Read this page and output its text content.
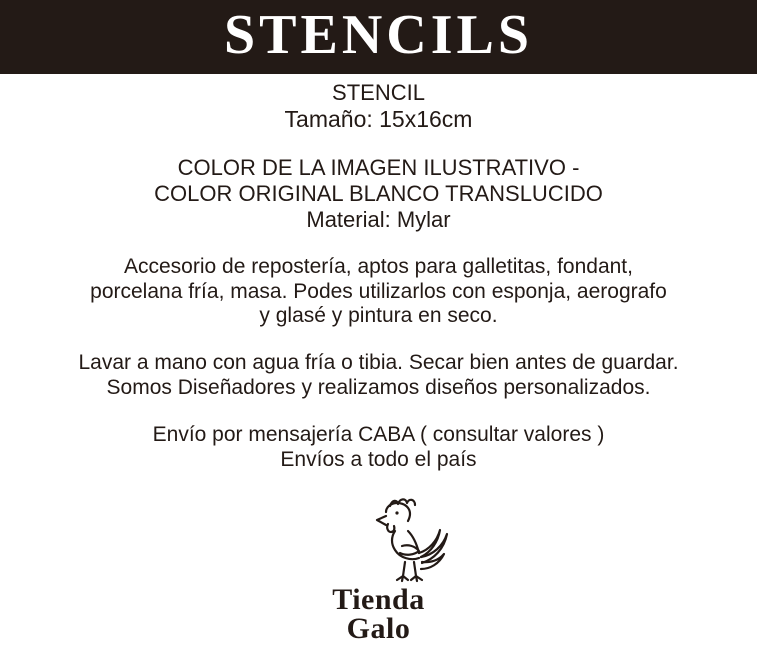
STENCILS
STENCIL
Tamaño: 15x16cm
COLOR DE LA IMAGEN ILUSTRATIVO -
COLOR ORIGINAL BLANCO TRANSLUCIDO
Material: Mylar
Accesorio de repostería, aptos para galletitas, fondant,
porcelana fría, masa. Podes utilizarlos con esponja, aerografo
y glasé y pintura en seco.
Lavar a mano con agua fría o tibia. Secar bien antes de guardar.
Somos Diseñadores y realizamos diseños personalizados.
Envío por mensajería CABA ( consultar valores )
Envíos a todo el país
Tienda
Galo
